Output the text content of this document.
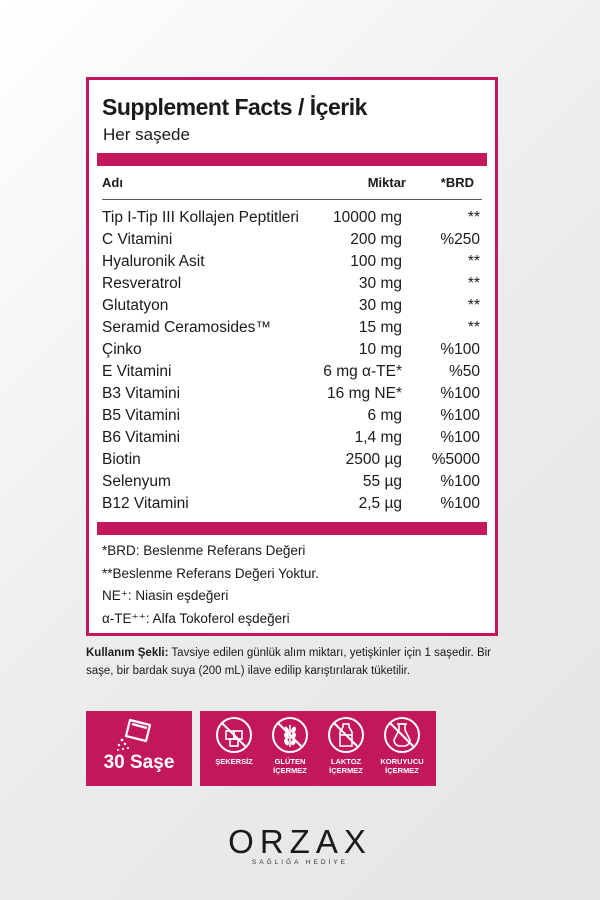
Supplement Facts / İçerik
Her saşede
Adı	Miktar	*BRD
Tip I-Tip III Kollajen Peptitleri 10000 mg	**
C Vitamini	200 mg %250
Hyaluronik Asit	100 mg	**
Resveratrol	30 mg	**
Glutatyon	30 mg	**
Seramid Ceramosides™	15 mg	**
Çinko	10 mg %100
E Vitamini	6 mg α-TE*	%50
B3 Vitamini	16 mg NE* %100
B5 Vitamini	6 mg %100
B6 Vitamini	1,4 mg %100
Biotin	2500 µg %5000
Selenyum	55 µg %100
B12 Vitamini	2,5 µg %100
*BRD: Beslenme Referans Değeri
**Beslenme Referans Değeri Yoktur.
NE⁺: Niasin eşdeğeri
α-TE⁺⁺: Alfa Tokoferol eşdeğeri
Kullanım Şekli: Tavsiye edilen günlük alım miktarı, yetişkinler için 1 saşedir. Bir saşe, bir bardak suya (200 mL) ilave edilip karıştırılarak tüketilir.
30 Saşe	ŞEKERSİZ	GLÜTEN İÇERMEZ
LAKTOZ İÇERMEZ
KORUYUCU İÇERMEZ
ORZAX
SAĞLIĞA HEDİYE
